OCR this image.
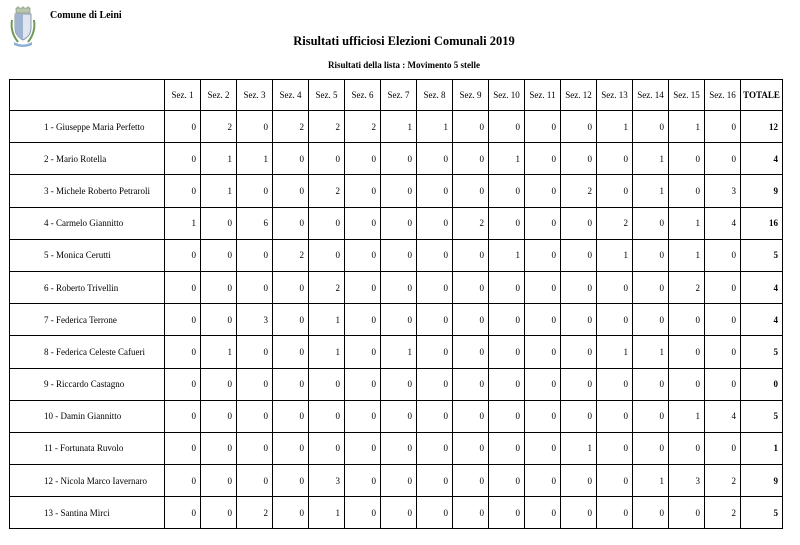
Comune di Leini
Risultati ufficiosi Elezioni Comunali 2019
Risultati della lista : Movimento 5 stelle
	Sez. 1	Sez. 2	Sez. 3	Sez. 4	Sez. 5	Sez. 6	Sez. 7	Sez. 8	Sez. 9	Sez. 10	Sez. 11	Sez. 12	Sez. 13	Sez. 14	Sez. 15	Sez. 16	TOTALE
1 - Giuseppe Maria Perfetto	0	2	0	2	2	2	1	1	0	0	0	0	1	0	1	0	12
2 - Mario Rotella	0	1	1	0	0	0	0	0	0	1	0	0	0	1	0	0	4
3 - Michele Roberto Petraroli	0	1	0	0	2	0	0	0	0	0	0	2	0	1	0	3	9
4 - Carmelo Giannitto	1	0	6	0	0	0	0	0	2	0	0	0	2	0	1	4	16
5 - Monica Cerutti	0	0	0	2	0	0	0	0	0	1	0	0	1	0	1	0	5
6 - Roberto Trivellin	0	0	0	0	2	0	0	0	0	0	0	0	0	0	2	0	4
7 - Federica Terrone	0	0	3	0	1	0	0	0	0	0	0	0	0	0	0	0	4
8 - Federica Celeste Cafueri	0	1	0	0	1	0	1	0	0	0	0	0	1	1	0	0	5
9 - Riccardo Castagno	0	0	0	0	0	0	0	0	0	0	0	0	0	0	0	0	0
10 - Damin Giannitto	0	0	0	0	0	0	0	0	0	0	0	0	0	0	1	4	5
11 - Fortunata Ruvolo	0	0	0	0	0	0	0	0	0	0	0	1	0	0	0	0	1
12 - Nicola Marco Iavernaro	0	0	0	0	3	0	0	0	0	0	0	0	0	1	3	2	9
13 - Santina Mirci	0	0	2	0	1	0	0	0	0	0	0	0	0	0	0	2	5
